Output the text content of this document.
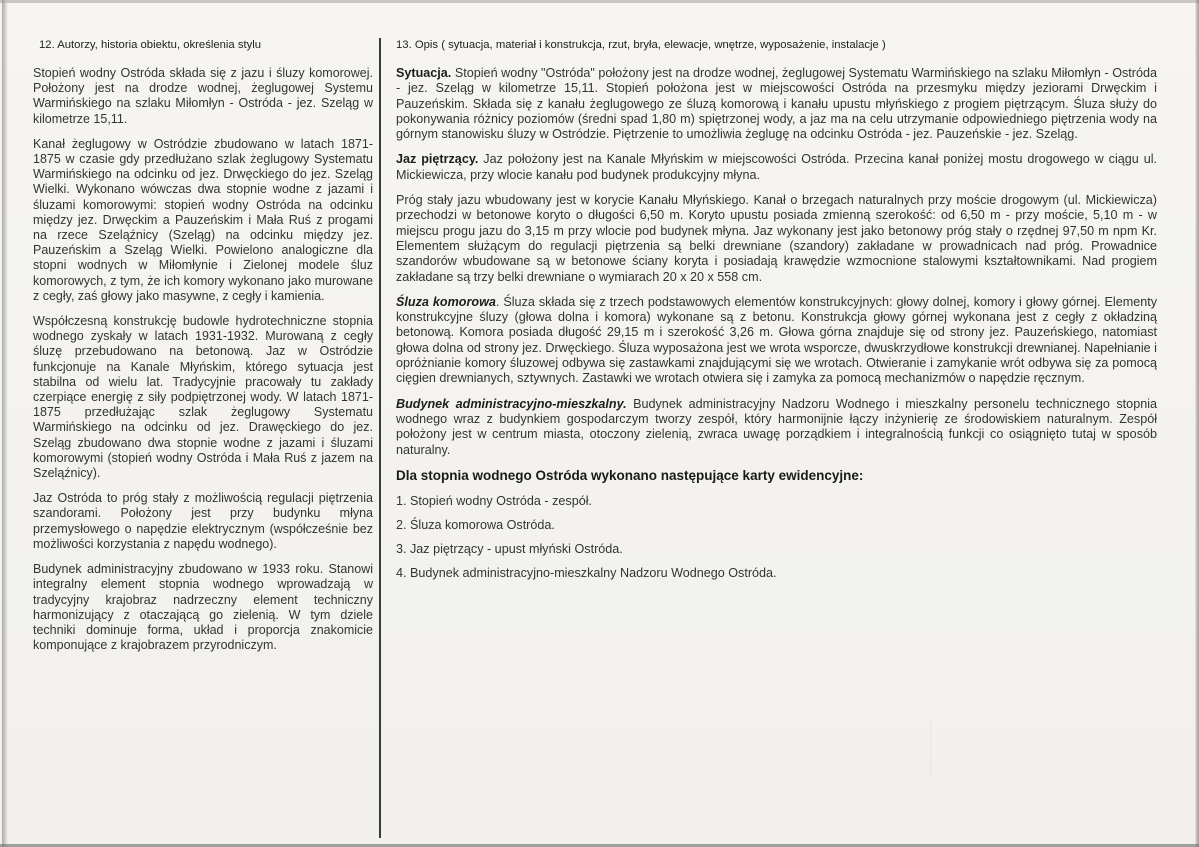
12. Autorzy, historia obiektu, określenia stylu

Stopień wodny Ostróda składa się z jazu i śluzy komorowej. Położony jest na drodze wodnej, żeglugowej Systemu Warmińskiego na szlaku Miłomłyn - Ostróda - jez. Szeląg w kilometrze 15,11.

Kanał żeglugowy w Ostródzie zbudowano w latach 1871-1875 w czasie gdy przedłużano szlak żeglugowy Systematu Warmińskiego na odcinku od jez. Drwęckiego do jez. Szeląg Wielki. Wykonano wówczas dwa stopnie wodne z jazami i śluzami komorowymi: stopień wodny Ostróda na odcinku między jez. Drwęckim a Pauzeńskim i Mała Ruś z progami na rzece Szeląźnicy (Szeląg) na odcinku między jez. Pauzeńskim a Szeląg Wielki. Powielono analogiczne dla stopni wodnych w Miłomłynie i Zielonej modele śluz komorowych, z tym, że ich komory wykonano jako murowane z cegły, zaś głowy jako masywne, z cegły i kamienia.

Współczesną konstrukcję budowle hydrotechniczne stopnia wodnego zyskały w latach 1931-1932. Murowaną z cegły śluzę przebudowano na betonową. Jaz w Ostródzie funkcjonuje na Kanale Młyńskim, którego sytuacja jest stabilna od wielu lat. Tradycyjnie pracowały tu zakłady czerpiące energię z siły podpiętrzonej wody. W latach 1871-1875 przedłużając szlak żeglugowy Systematu Warmińskiego na odcinku od jez. Drawęckiego do jez. Szeląg zbudowano dwa stopnie wodne z jazami i śluzami komorowymi (stopień wodny Ostróda i Mała Ruś z jazem na Szeląźnicy).

Jaz Ostróda to próg stały z możliwością regulacji piętrzenia szandorami. Położony jest przy budynku młyna przemysłowego o napędzie elektrycznym (współcześnie bez możliwości korzystania z napędu wodnego).

Budynek administracyjny zbudowano w 1933 roku. Stanowi integralny element stopnia wodnego wprowadzają w tradycyjny krajobraz nadrzeczny element techniczny harmonizujący z otaczającą go zielenią. W tym dziele techniki dominuje forma, układ i proporcja znakomicie komponujące z krajobrazem przyrodniczym.

13. Opis ( sytuacja, materiał i konstrukcja, rzut, bryła, elewacje, wnętrze, wyposażenie, instalacje )

Sytuacja. Stopień wodny "Ostróda" położony jest na drodze wodnej, żeglugowej Systematu Warmińskiego na szlaku Miłomłyn - Ostróda - jez. Szeląg w kilometrze 15,11. Stopień położona jest w miejscowości Ostróda na przesmyku między jeziorami Drwęckim i Pauzeńskim. Składa się z kanału żeglugowego ze śluzą komorową i kanału upustu młyńskiego z progiem piętrzącym. Śluza służy do pokonywania różnicy poziomów (średni spad 1,80 m) spiętrzonej wody, a jaz ma na celu utrzymanie odpowiedniego piętrzenia wody na górnym stanowisku śluzy w Ostródzie. Piętrzenie to umożliwia żeglugę na odcinku Ostróda - jez. Pauzeńskie - jez. Szeląg.

Jaz piętrzący. Jaz położony jest na Kanale Młyńskim w miejscowości Ostróda. Przecina kanał poniżej mostu drogowego w ciągu ul. Mickiewicza, przy wlocie kanału pod budynek produkcyjny młyna.

Próg stały jazu wbudowany jest w korycie Kanału Młyńskiego. Kanał o brzegach naturalnych przy moście drogowym (ul. Mickiewicza) przechodzi w betonowe koryto o długości 6,50 m. Koryto upustu posiada zmienną szerokość: od 6,50 m - przy moście, 5,10 m - w miejscu progu jazu do 3,15 m przy wlocie pod budynek młyna. Jaz wykonany jest jako betonowy próg stały o rzędnej 97,50 m npm Kr. Elementem służącym do regulacji piętrzenia są belki drewniane (szandory) zakładane w prowadnicach nad próg. Prowadnice szandorów wbudowane są w betonowe ściany koryta i posiadają krawędzie wzmocnione stalowymi kształtownikami. Nad progiem zakładane są trzy belki drewniane o wymiarach 20 x 20 x 558 cm.

Śluza komorowa. Śluza składa się z trzech podstawowych elementów konstrukcyjnych: głowy dolnej, komory i głowy górnej. Elementy konstrukcyjne śluzy (głowa dolna i komora) wykonane są z betonu. Konstrukcja głowy górnej wykonana jest z cegły z okładziną betonową. Komora posiada długość 29,15 m i szerokość 3,26 m. Głowa górna znajduje się od strony jez. Pauzeńskiego, natomiast głowa dolna od strony jez. Drwęckiego. Śluza wyposażona jest we wrota wsporcze, dwuskrzydłowe konstrukcji drewnianej. Napełnianie i opróżnianie komory śluzowej odbywa się zastawkami znajdującymi się we wrotach. Otwieranie i zamykanie wrót odbywa się za pomocą cięgien drewnianych, sztywnych. Zastawki we wrotach otwiera się i zamyka za pomocą mechanizmów o napędzie ręcznym.

Budynek administracyjno-mieszkalny. Budynek administracyjny Nadzoru Wodnego i mieszkalny personelu technicznego stopnia wodnego wraz z budynkiem gospodarczym tworzy zespół, który harmonijnie łączy inżynierię ze środowiskiem naturalnym. Zespół położony jest w centrum miasta, otoczony zielenią, zwraca uwagę porządkiem i integralnością funkcji co osiągnięto tutaj w sposób naturalny.

Dla stopnia wodnego Ostróda wykonano następujące karty ewidencyjne:
1. Stopień wodny Ostróda - zespół.
2. Śluza komorowa Ostróda.
3. Jaz piętrzący - upust młyński Ostróda.
4. Budynek administracyjno-mieszkalny Nadzoru Wodnego Ostróda.
